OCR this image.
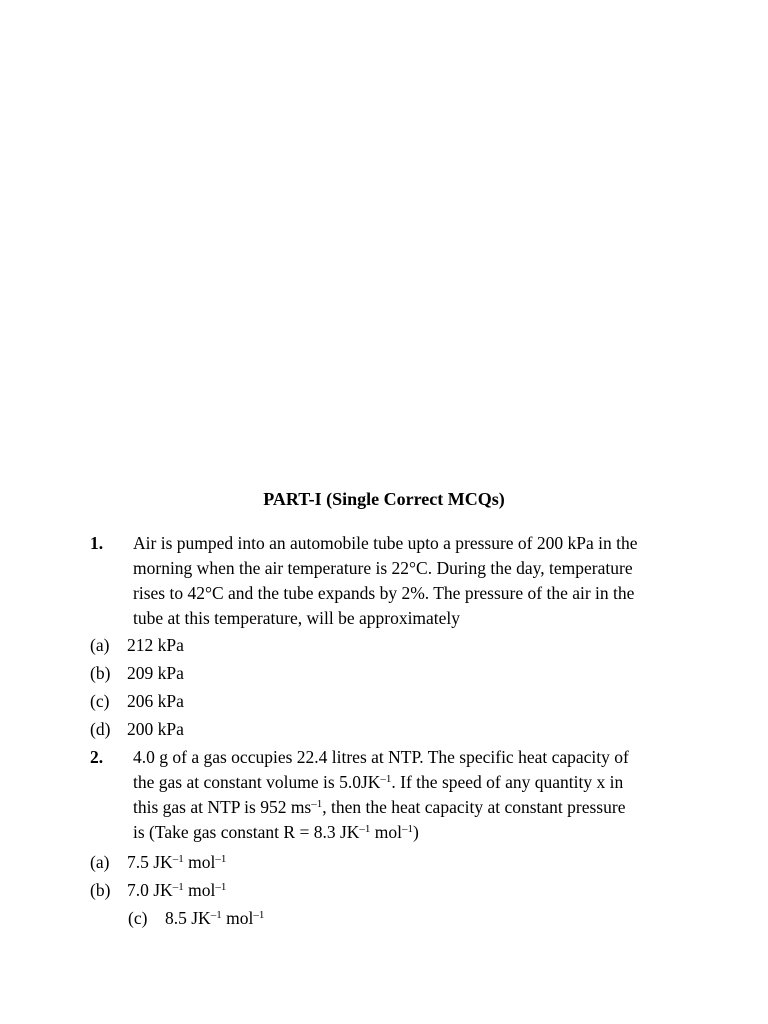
PART-I (Single Correct MCQs)
1. Air is pumped into an automobile tube upto a pressure of 200 kPa in the
morning when the air temperature is 22°C. During the day, temperature
rises to 42°C and the tube expands by 2%. The pressure of the air in the
tube at this temperature, will be approximately
(a) 212 kPa
(b) 209 kPa
(c) 206 kPa
(d) 200 kPa
2. 4.0 g of a gas occupies 22.4 litres at NTP. The specific heat capacity of
the gas at constant volume is $5.0JK^{-1}$. If the speed of any quantity x in
this gas at NTP is 952 $ms^{-1}$, then the heat capacity at constant pressure
is (Take gas constant R = 8.3 $JK^{-1}$ mol$^{-1}$)
(a) 7.5 $JK^{-1}$ mol$^{-1}$
(b) 7.0 $JK^{-1}$ mol$^{-1}$
(c) 8.5 $JK^{-1}$ mol$^{-1}$
